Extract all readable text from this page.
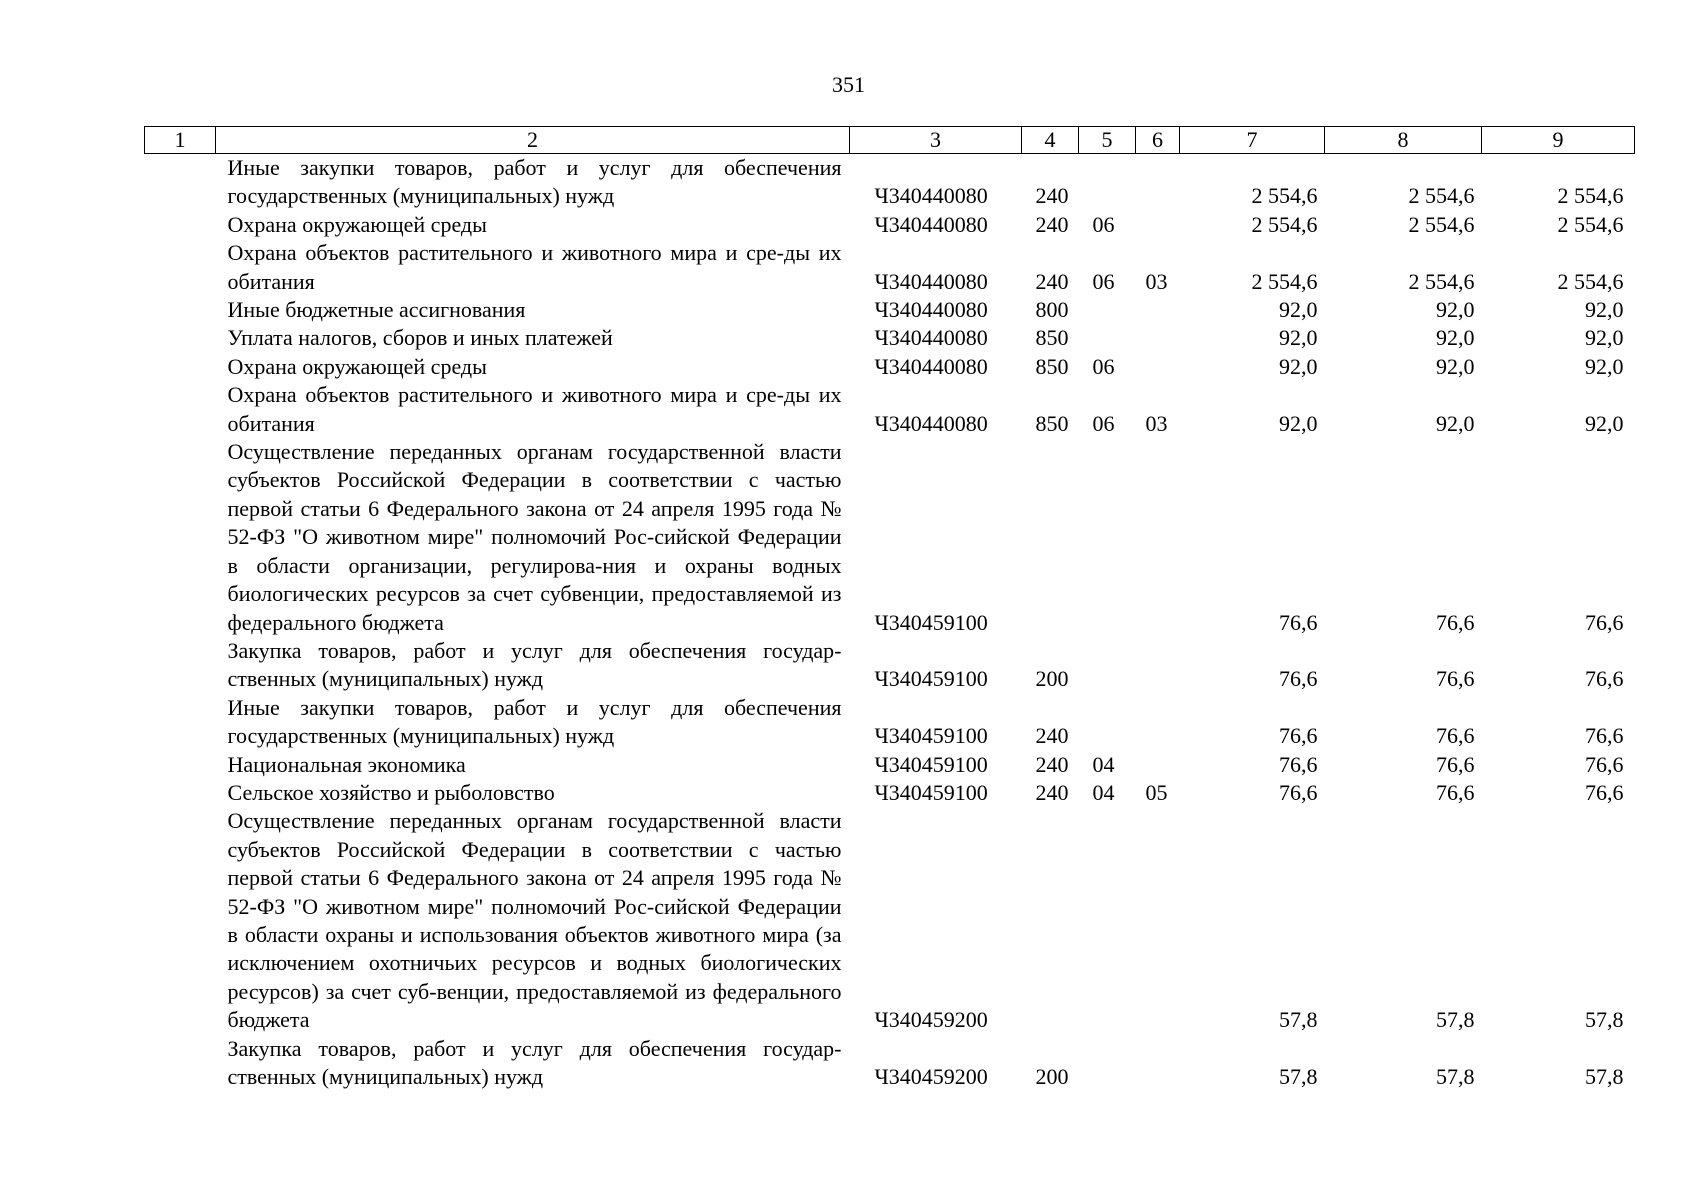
351
1	2	3	4	5	6	7	8	9
	Иные закупки товаров, работ и услуг для обеспечения государственных (муниципальных) нужд	Ч340440080	240			2 554,6	2 554,6	2 554,6
	Охрана окружающей среды	Ч340440080	240	06		2 554,6	2 554,6	2 554,6
	Охрана объектов растительного и животного мира и сре-ды их обитания	Ч340440080	240	06	03	2 554,6	2 554,6	2 554,6
	Иные бюджетные ассигнования	Ч340440080	800			92,0	92,0	92,0
	Уплата налогов, сборов и иных платежей	Ч340440080	850			92,0	92,0	92,0
	Охрана окружающей среды	Ч340440080	850	06		92,0	92,0	92,0
	Охрана объектов растительного и животного мира и сре-ды их обитания	Ч340440080	850	06	03	92,0	92,0	92,0
	Осуществление переданных органам государственной власти субъектов Российской Федерации в соответствии с частью первой статьи 6 Федерального закона от 24 апреля 1995 года № 52-ФЗ "О животном мире" полномочий Рос-сийской Федерации в области организации, регулирова-ния и охраны водных биологических ресурсов за счет субвенции, предоставляемой из федерального бюджета	Ч340459100				76,6	76,6	76,6
	Закупка товаров, работ и услуг для обеспечения государ-ственных (муниципальных) нужд	Ч340459100	200			76,6	76,6	76,6
	Иные закупки товаров, работ и услуг для обеспечения государственных (муниципальных) нужд	Ч340459100	240			76,6	76,6	76,6
	Национальная экономика	Ч340459100	240	04		76,6	76,6	76,6
	Сельское хозяйство и рыболовство	Ч340459100	240	04	05	76,6	76,6	76,6
	Осуществление переданных органам государственной власти субъектов Российской Федерации в соответствии с частью первой статьи 6 Федерального закона от 24 апреля 1995 года № 52-ФЗ "О животном мире" полномочий Рос-сийской Федерации в области охраны и использования объектов животного мира (за исключением охотничьих ресурсов и водных биологических ресурсов) за счет суб-венции, предоставляемой из федерального бюджета	Ч340459200				57,8	57,8	57,8
	Закупка товаров, работ и услуг для обеспечения государ-ственных (муниципальных) нужд	Ч340459200	200			57,8	57,8	57,8
